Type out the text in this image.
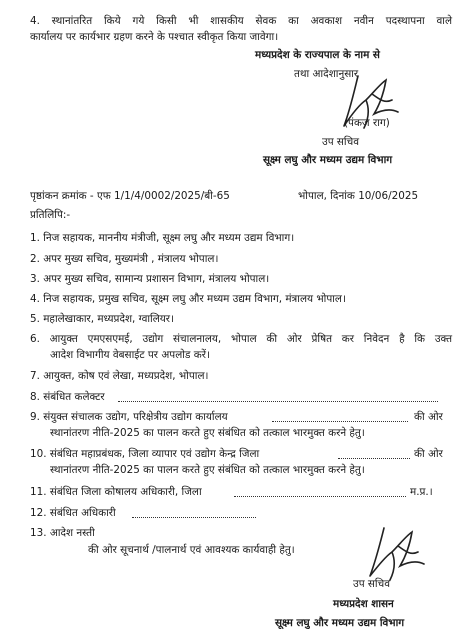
4. स्थानांतरित किये गये किसी भी शासकीय सेवक का अवकाश नवीन पदस्थापना वाले
कार्यालय पर कार्यभार ग्रहण करने के पश्चात स्वीकृत किया जावेगा।
मध्यप्रदेश के राज्यपाल के नाम से
तथा आदेशानुसार
(पंकज राग)
उप सचिव
सूक्ष्म लघु और मध्यम उद्यम विभाग
पृष्ठांकन क्रमांक - एफ 1/1/4/0002/2025/बी-65	भोपाल, दिनांक 10/06/2025
प्रतिलिपि:-
1. निज सहायक, माननीय मंत्रीजी, सूक्ष्म लघु और मध्यम उद्यम विभाग।
2. अपर मुख्य सचिव, मुख्यमंत्री , मंत्रालय भोपाल।
3. अपर मुख्य सचिव, सामान्य प्रशासन विभाग, मंत्रालय भोपाल।
4. निज सहायक, प्रमुख सचिव, सूक्ष्म लघु और मध्यम उद्यम विभाग, मंत्रालय भोपाल।
5. महालेखाकार, मध्यप्रदेश, ग्वालियर।
6. आयुक्त एमएसएमई, उद्योग संचालनालय, भोपाल की ओर प्रेषित कर निवेदन है कि उक्त
आदेश विभागीय वेबसाईट पर अपलोड करें।
7. आयुक्त, कोष एवं लेखा, मध्यप्रदेश, भोपाल।
8. संबंधित कलेक्टर
9. संयुक्त संचालक उद्योग, परिक्षेत्रीय उद्योग कार्यालय	की ओर
स्थानांतरण नीति-2025 का पालन करते हुए संबंधित को तत्काल भारमुक्त करने हेतु।
10. संबंधित महाप्रबंधक, जिला व्यापार एवं उद्योग केन्द्र जिला	की ओर
स्थानांतरण नीति-2025 का पालन करते हुए संबंधित को तत्काल भारमुक्त करने हेतु।
11. संबंधित जिला कोषालय अधिकारी, जिला	म.प्र.।
12. संबंधित अधिकारी
13. आदेश नस्ती
की ओर सूचनार्थ /पालनार्थ एवं आवश्यक कार्यवाही हेतु।
उप सचिव
मध्यप्रदेश शासन
सूक्ष्म लघु और मध्यम उद्यम विभाग
